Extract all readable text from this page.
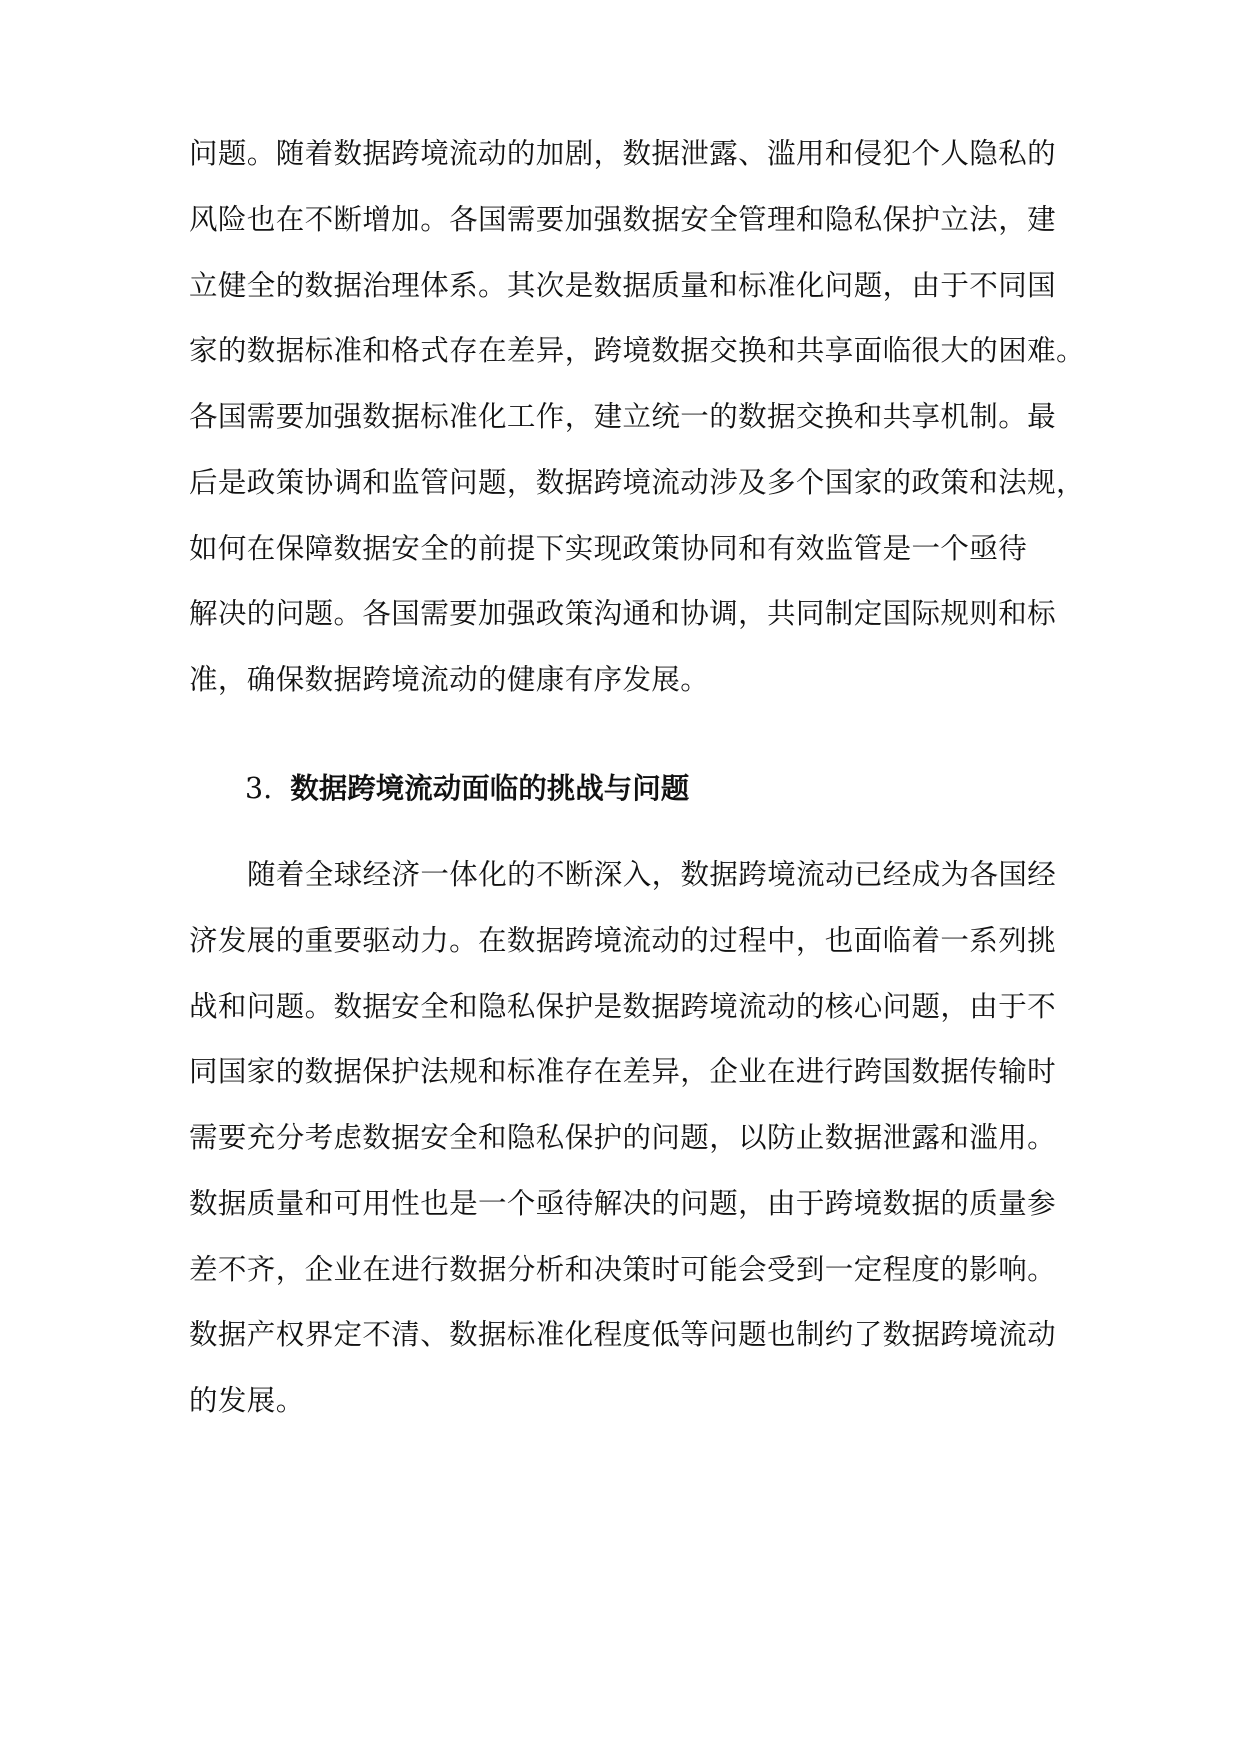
问题。随着数据跨境流动的加剧，数据泄露、滥用和侵犯个人隐私的
风险也在不断增加。各国需要加强数据安全管理和隐私保护立法，建
立健全的数据治理体系。其次是数据质量和标准化问题，由于不同国
家的数据标准和格式存在差异，跨境数据交换和共享面临很大的困难。
各国需要加强数据标准化工作，建立统一的数据交换和共享机制。最
后是政策协调和监管问题，数据跨境流动涉及多个国家的政策和法规，
如何在保障数据安全的前提下实现政策协同和有效监管是一个亟待
解决的问题。各国需要加强政策沟通和协调，共同制定国际规则和标
准，确保数据跨境流动的健康有序发展。
3. 数据跨境流动面临的挑战与问题
随着全球经济一体化的不断深入，数据跨境流动已经成为各国经
济发展的重要驱动力。在数据跨境流动的过程中，也面临着一系列挑
战和问题。数据安全和隐私保护是数据跨境流动的核心问题，由于不
同国家的数据保护法规和标准存在差异，企业在进行跨国数据传输时
需要充分考虑数据安全和隐私保护的问题，以防止数据泄露和滥用。
数据质量和可用性也是一个亟待解决的问题，由于跨境数据的质量参
差不齐，企业在进行数据分析和决策时可能会受到一定程度的影响。
数据产权界定不清、数据标准化程度低等问题也制约了数据跨境流动
的发展。
